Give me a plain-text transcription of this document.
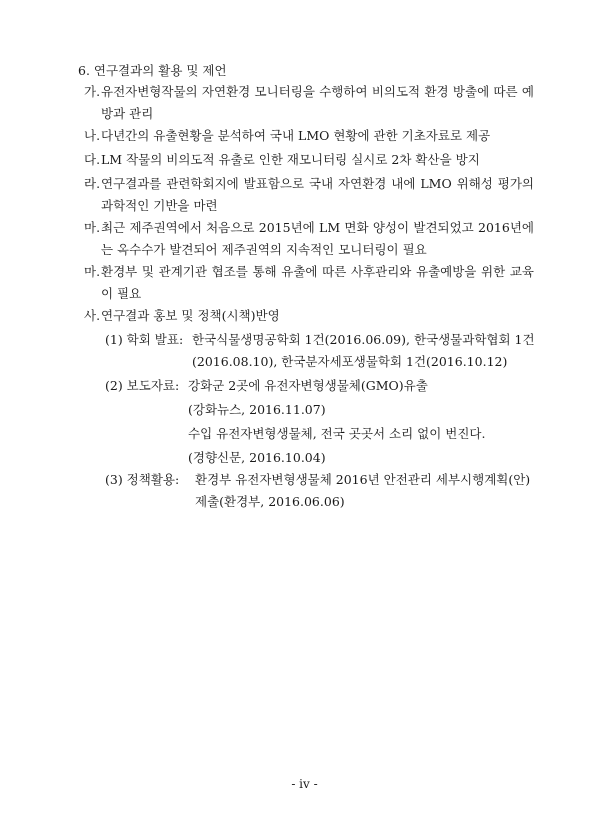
6. 연구결과의 활용 및 제언
가. 유전자변형작물의 자연환경 모니터링을 수행하여 비의도적 환경 방출에 따른 예방과 관리
나. 다년간의 유출현황을 분석하여 국내 LMO 현황에 관한 기초자료로 제공
다. LM 작물의 비의도적 유출로 인한 재모니터링 실시로 2차 확산을 방지
라. 연구결과를 관련학회지에 발표함으로 국내 자연환경 내에 LMO 위해성 평가의 과학적인 기반을 마련
마. 최근 제주권역에서 처음으로 2015년에 LM 면화 양성이 발견되었고 2016년에는 옥수수가 발견되어 제주권역의 지속적인 모니터링이 필요
마. 환경부 및 관계기관 협조를 통해 유출에 따른 사후관리와 유출예방을 위한 교육이 필요
사. 연구결과 홍보 및 정책(시책)반영
(1) 학회 발표: 한국식물생명공학회 1건(2016.06.09), 한국생물과학협회 1건
(2016.08.10), 한국분자세포생물학회 1건(2016.10.12)
(2) 보도자료: 강화군 2곳에 유전자변형생물체(GMO)유출
(강화뉴스, 2016.11.07)
수입 유전자변형생물체, 전국 곳곳서 소리 없이 번진다.
(경향신문, 2016.10.04)
(3) 정책활용: 환경부 유전자변형생물체 2016년 안전관리 세부시행계획(안)
제출(환경부, 2016.06.06)
- iv -
